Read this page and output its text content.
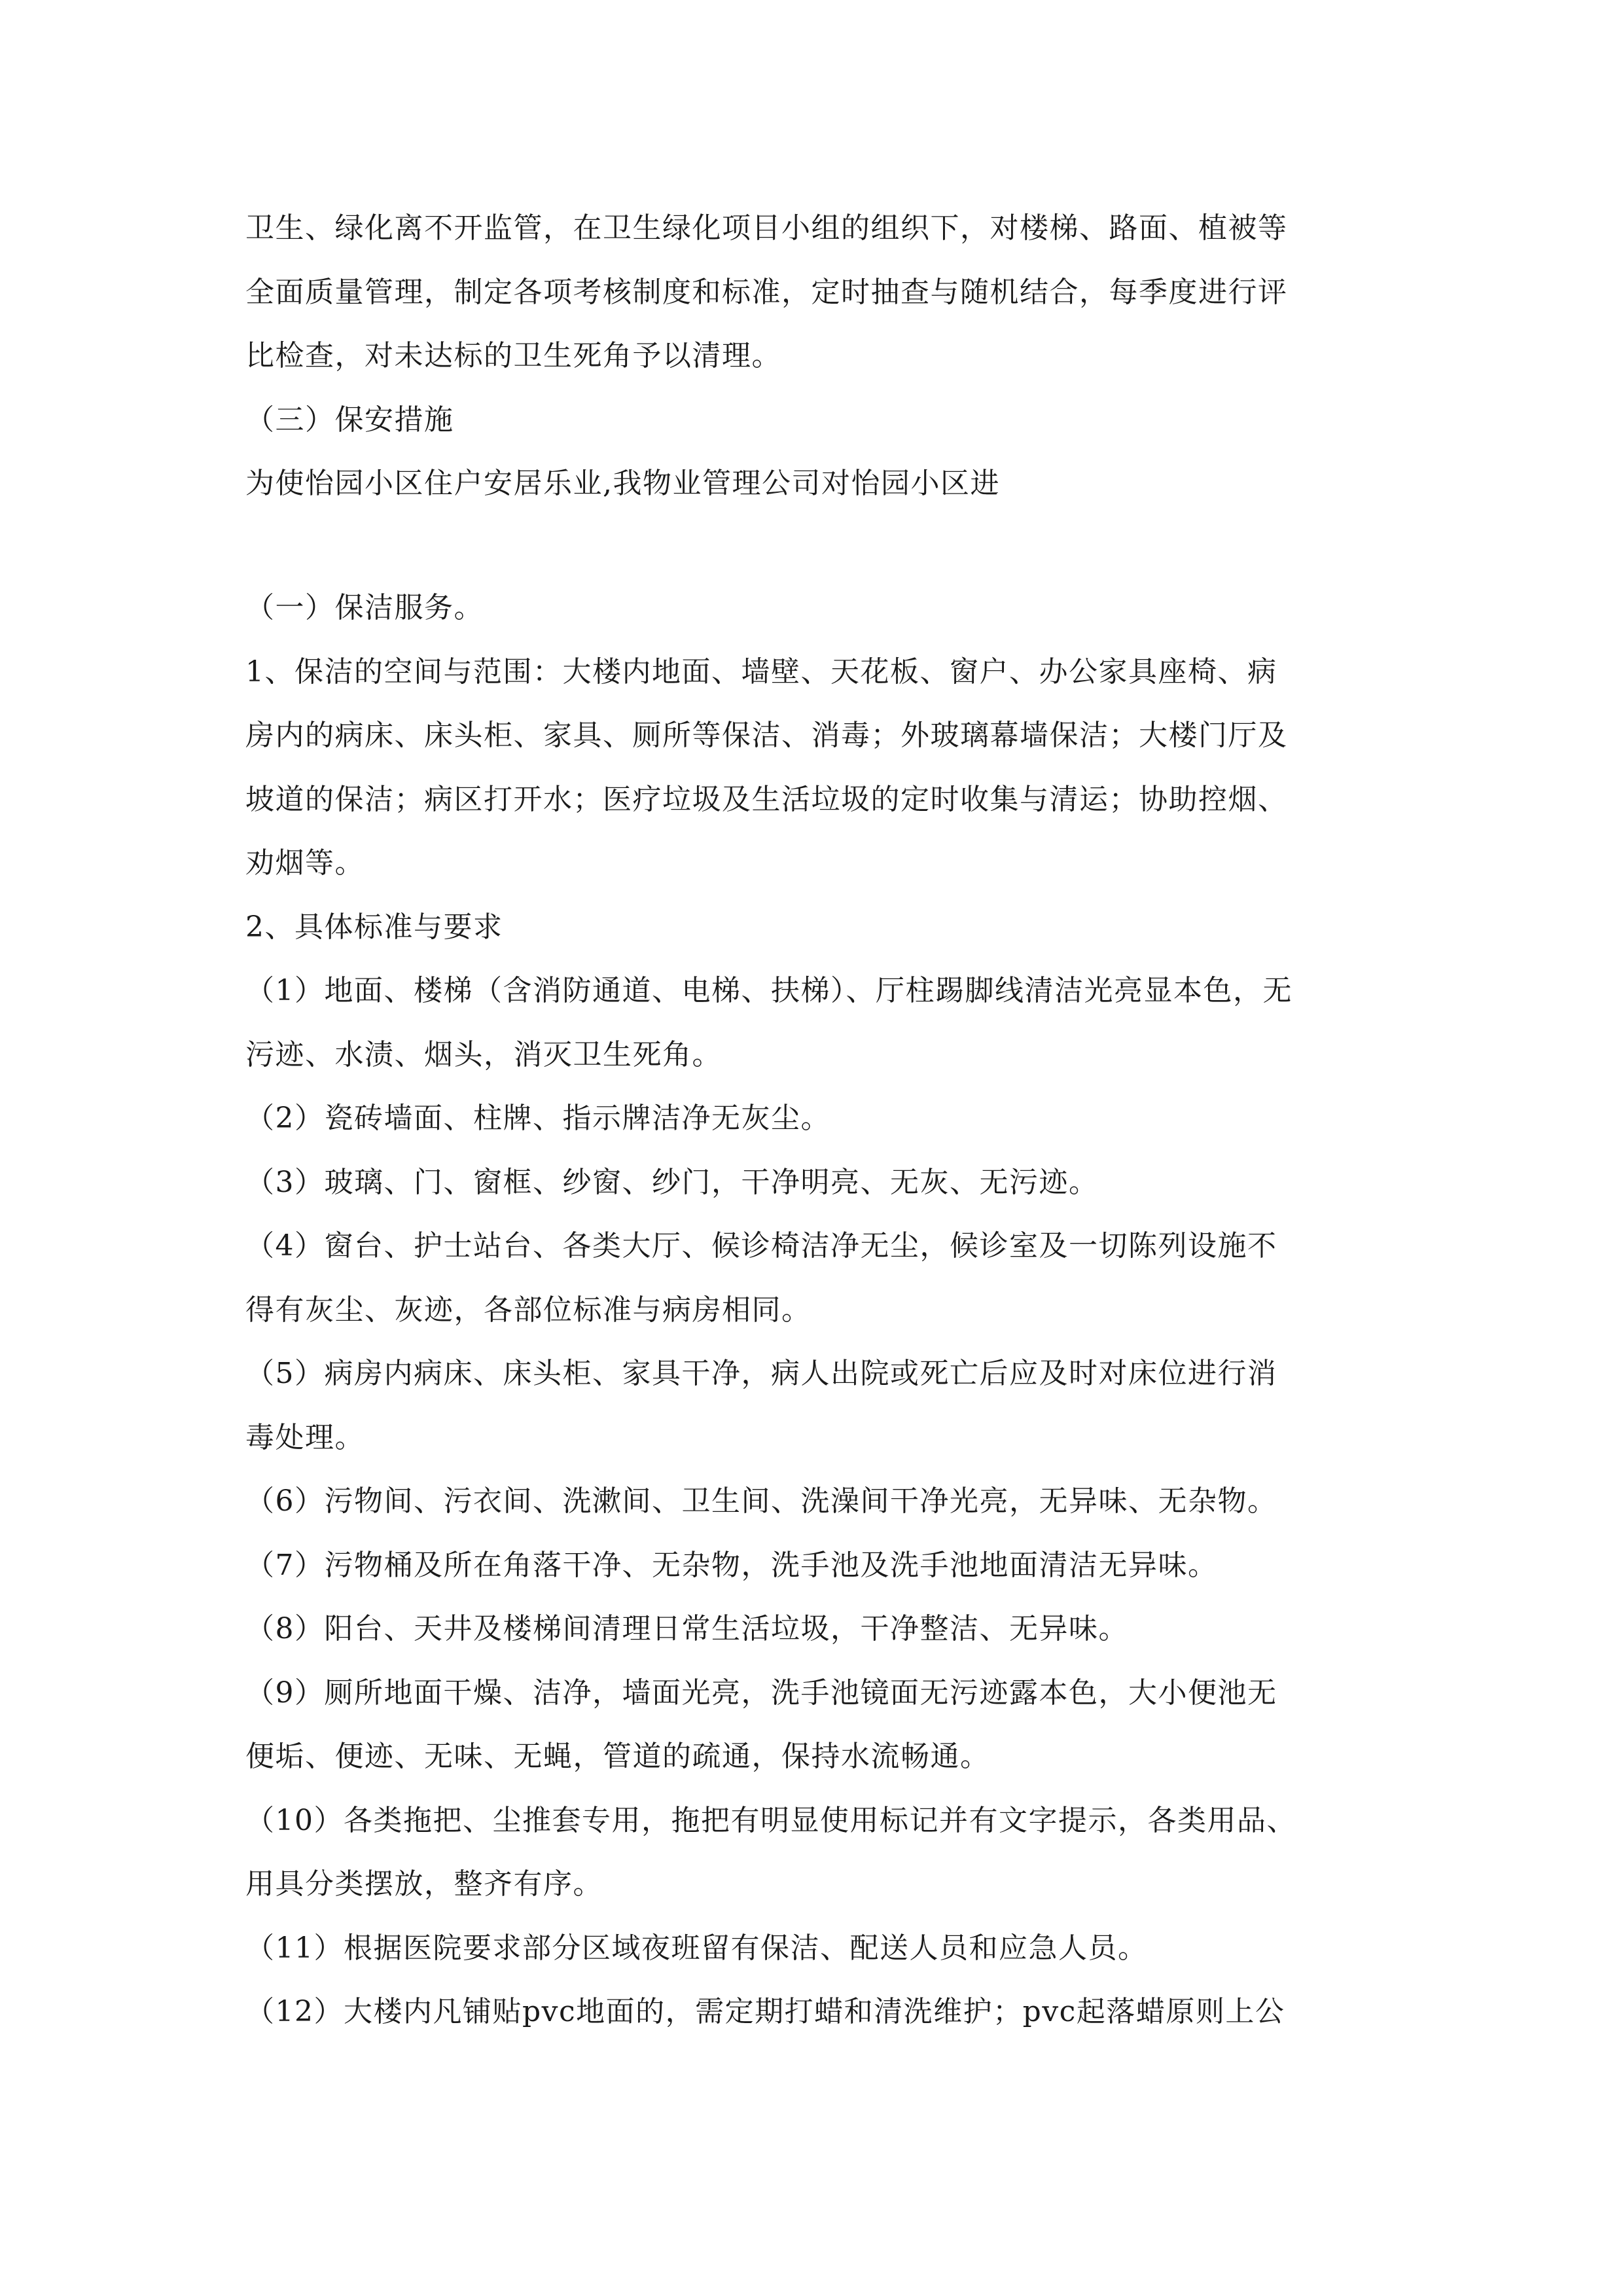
卫生、绿化离不开监管，在卫生绿化项目小组的组织下，对楼梯、路面、植被等
全面质量管理，制定各项考核制度和标准，定时抽查与随机结合，每季度进行评
比检查，对未达标的卫生死角予以清理。
（三）保安措施
为使怡园小区住户安居乐业,我物业管理公司对怡园小区进
（一）保洁服务。
1、保洁的空间与范围：大楼内地面、墙壁、天花板、窗户、办公家具座椅、病
房内的病床、床头柜、家具、厕所等保洁、消毒；外玻璃幕墙保洁；大楼门厅及
坡道的保洁；病区打开水；医疗垃圾及生活垃圾的定时收集与清运；协助控烟、
劝烟等。
2、具体标准与要求
（1）地面、楼梯（含消防通道、电梯、扶梯）、厅柱踢脚线清洁光亮显本色，无
污迹、水渍、烟头，消灭卫生死角。
（2）瓷砖墙面、柱牌、指示牌洁净无灰尘。
（3）玻璃、门、窗框、纱窗、纱门，干净明亮、无灰、无污迹。
（4）窗台、护士站台、各类大厅、候诊椅洁净无尘，候诊室及一切陈列设施不
得有灰尘、灰迹，各部位标准与病房相同。
（5）病房内病床、床头柜、家具干净，病人出院或死亡后应及时对床位进行消
毒处理。
（6）污物间、污衣间、洗漱间、卫生间、洗澡间干净光亮，无异味、无杂物。
（7）污物桶及所在角落干净、无杂物，洗手池及洗手池地面清洁无异味。
（8）阳台、天井及楼梯间清理日常生活垃圾，干净整洁、无异味。
（9）厕所地面干燥、洁净，墙面光亮，洗手池镜面无污迹露本色，大小便池无
便垢、便迹、无味、无蝇，管道的疏通，保持水流畅通。
（10）各类拖把、尘推套专用，拖把有明显使用标记并有文字提示，各类用品、
用具分类摆放，整齐有序。
（11）根据医院要求部分区域夜班留有保洁、配送人员和应急人员。
（12）大楼内凡铺贴pvc地面的，需定期打蜡和清洗维护；pvc起落蜡原则上公
